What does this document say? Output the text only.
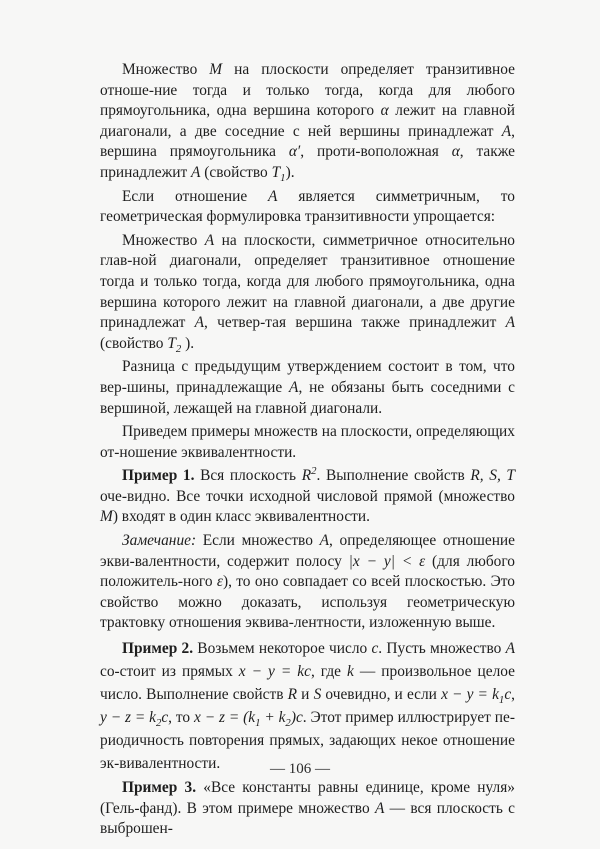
Множество M на плоскости определяет транзитивное отноше-ние тогда и только тогда, когда для любого прямоугольника, одна вершина которого α лежит на главной диагонали, а две соседние с ней вершины принадлежат A, вершина прямоугольника α′, проти-воположная α, также принадлежит A (свойство $T_1$).

Если отношение A является симметричным, то геометрическая формулировка транзитивности упрощается:

Множество A на плоскости, симметричное относительно глав-ной диагонали, определяет транзитивное отношение тогда и только тогда, когда для любого прямоугольника, одна вершина которого лежит на главной диагонали, а две другие принадлежат A, четвер-тая вершина также принадлежит A (свойство $T_2$ ).

Разница с предыдущим утверждением состоит в том, что вер-шины, принадлежащие A, не обязаны быть соседними с вершиной, лежащей на главной диагонали.

Приведем примеры множеств на плоскости, определяющих от-ношение эквивалентности.

Пример 1. Вся плоскость $R^2$. Выполнение свойств R, S, T оче-видно. Все точки исходной числовой прямой (множество M) входят в один класс эквивалентности.

Замечание: Если множество A, определяющее отношение экви-валентности, содержит полосу |x − y| < ε (для любого положитель-ного ε), то оно совпадает со всей плоскостью. Это свойство можно доказать, используя геометрическую трактовку отношения эквива-лентности, изложенную выше.

Пример 2. Возьмем некоторое число c. Пусть множество A со-стоит из прямых x − y = kc, где k — произвольное целое число. Выполнение свойств R и S очевидно, и если $x - y = k_1c$, $y - z = k_2c$, то $x - z = (k_1 + k_2)c$. Этот пример иллюстрирует пе-риодичность повторения прямых, задающих некое отношение эк-вивалентности.

Пример 3. «Все константы равны единице, кроме нуля» (Гель-фанд). В этом примере множество A — вся плоскость с выброшен-

— 106 —
